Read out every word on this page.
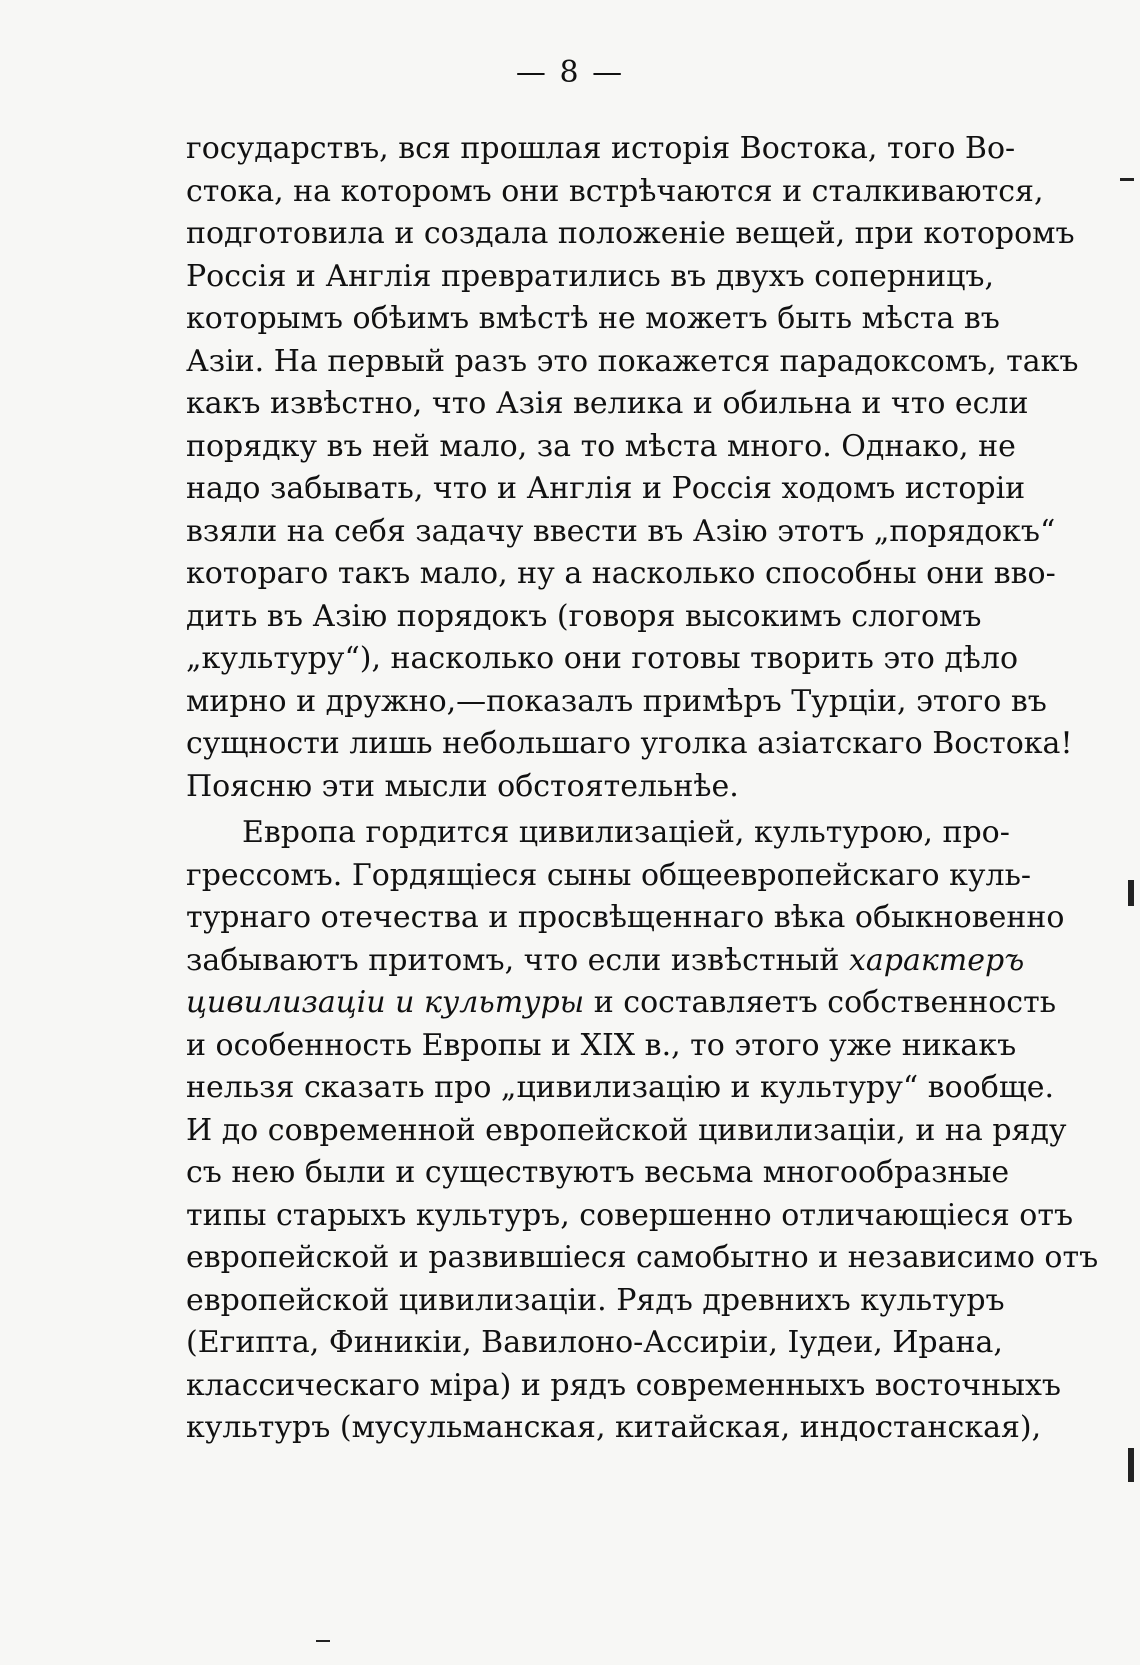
— 8 —
государствъ, вся прошлая исторія Востока, того Во-
стока, на которомъ они встрѣчаются и сталкиваются,
подготовила и создала положеніе вещей, при которомъ
Россія и Англія превратились въ двухъ соперницъ,
которымъ обѣимъ вмѣстѣ не можетъ быть мѣста въ
Азіи. На первый разъ это покажется парадоксомъ, такъ
какъ извѣстно, что Азія велика и обильна и что если
порядку въ ней мало, за то мѣста много. Однако, не
надо забывать, что и Англія и Россія ходомъ исторіи
взяли на себя задачу ввести въ Азію этотъ „порядокъ“
котораго такъ мало, ну а насколько способны они вво-
дить въ Азію порядокъ (говоря высокимъ слогомъ
„культуру“), насколько они готовы творить это дѣло
мирно и дружно,—показалъ примѣръ Турціи, этого въ
сущности лишь небольшаго уголка азіатскаго Востока!
Поясню эти мысли обстоятельнѣе.
Европа гордится цивилизаціей, культурою, про-
грессомъ. Гордящіеся сыны общеевропейскаго куль-
турнаго отечества и просвѣщеннаго вѣка обыкновенно
забываютъ притомъ, что если извѣстный характеръ
цивилизаціи и культуры и составляетъ собственность
и особенность Европы и XIX в., то этого уже никакъ
нельзя сказать про „цивилизацію и культуру“ вообще.
И до современной европейской цивилизаціи, и на ряду
съ нею были и существуютъ весьма многообразные
типы старыхъ культуръ, совершенно отличающіеся отъ
европейской и развившіеся самобытно и независимо отъ
европейской цивилизаціи. Рядъ древнихъ культуръ
(Египта, Финикіи, Вавилоно-Ассиріи, Іудеи, Ирана,
классическаго міра) и рядъ современныхъ восточныхъ
культуръ (мусульманская, китайская, индостанская),
